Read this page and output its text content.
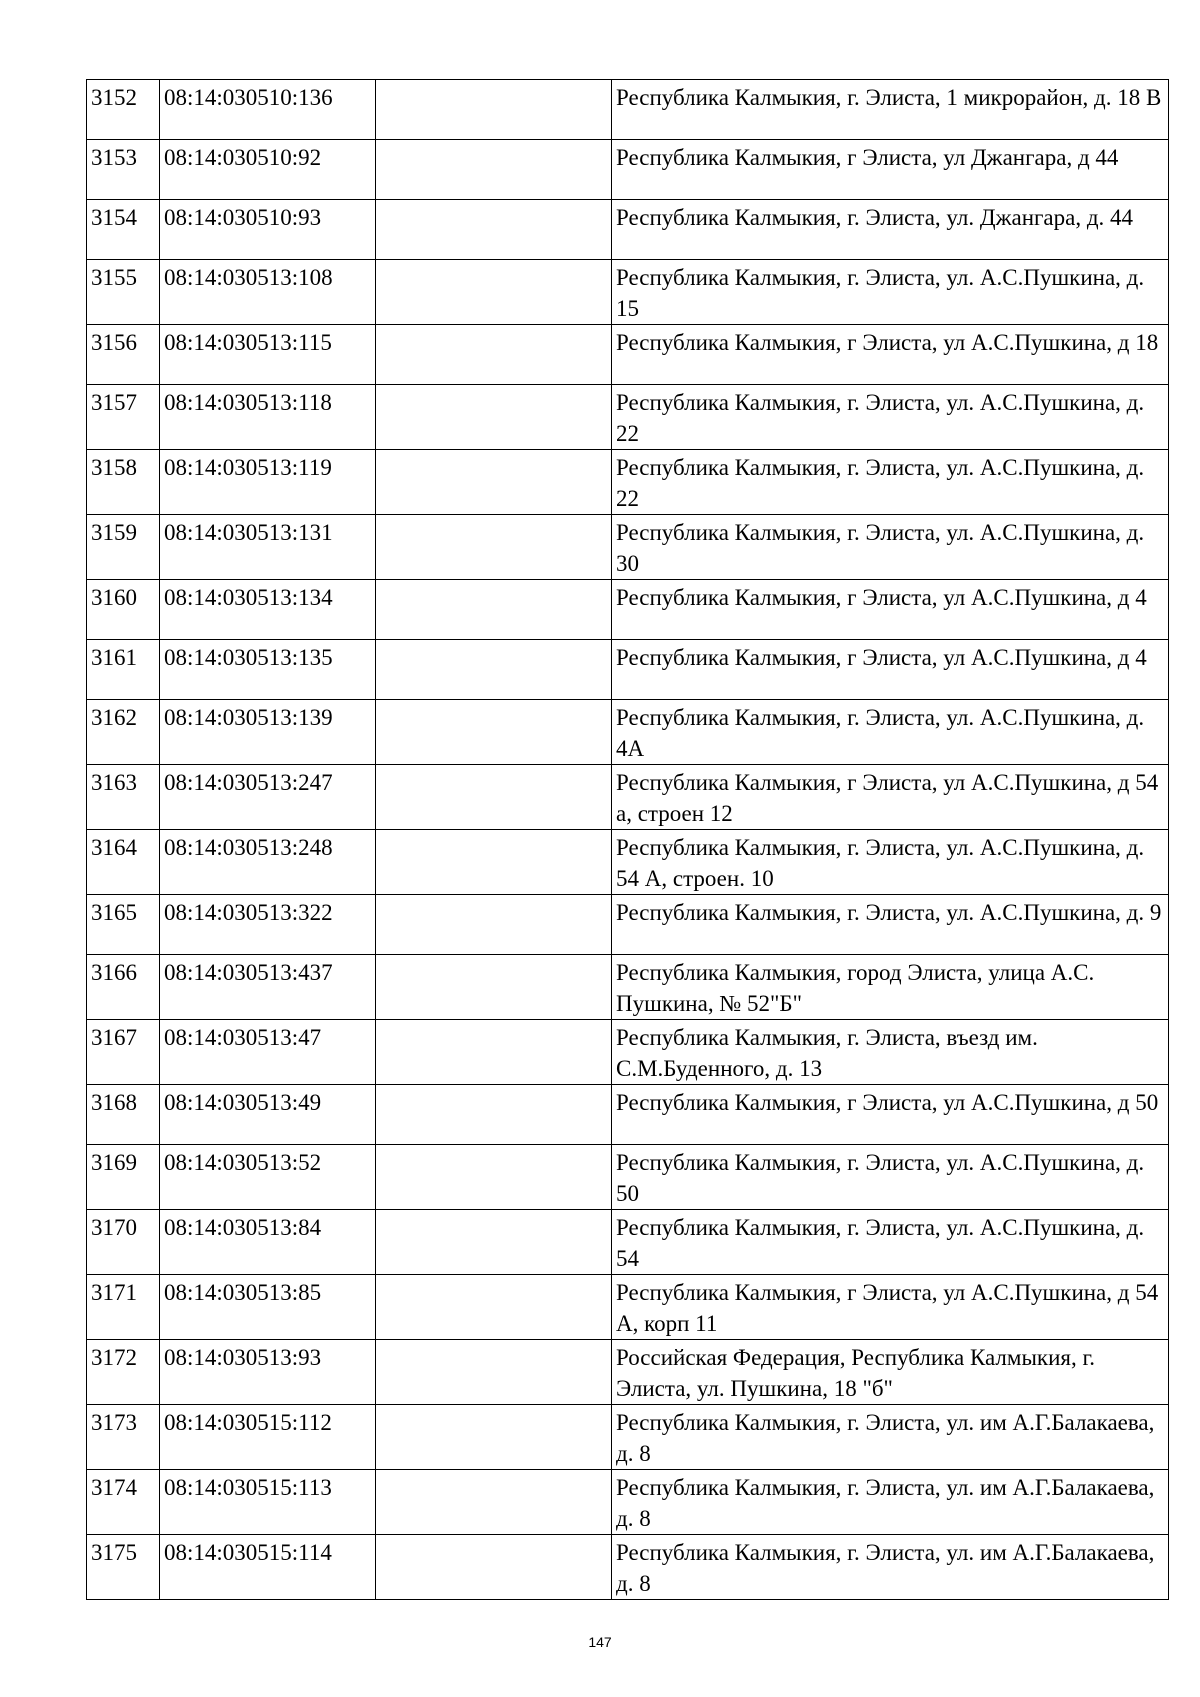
3152	08:14:030510:136		Республика Калмыкия, г. Элиста, 1 микрорайон, д. 18 В
3153	08:14:030510:92		Республика Калмыкия, г Элиста, ул Джангара, д 44
3154	08:14:030510:93		Республика Калмыкия, г. Элиста, ул. Джангара, д. 44
3155	08:14:030513:108		Республика Калмыкия, г. Элиста, ул. А.С.Пушкина, д. 15
3156	08:14:030513:115		Республика Калмыкия, г Элиста, ул А.С.Пушкина, д 18
3157	08:14:030513:118		Республика Калмыкия, г. Элиста, ул. А.С.Пушкина, д. 22
3158	08:14:030513:119		Республика Калмыкия, г. Элиста, ул. А.С.Пушкина, д. 22
3159	08:14:030513:131		Республика Калмыкия, г. Элиста, ул. А.С.Пушкина, д. 30
3160	08:14:030513:134		Республика Калмыкия, г Элиста, ул А.С.Пушкина, д 4
3161	08:14:030513:135		Республика Калмыкия, г Элиста, ул А.С.Пушкина, д 4
3162	08:14:030513:139		Республика Калмыкия, г. Элиста, ул. А.С.Пушкина, д. 4А
3163	08:14:030513:247		Республика Калмыкия, г Элиста, ул А.С.Пушкина, д 54 а, строен 12
3164	08:14:030513:248		Республика Калмыкия, г. Элиста, ул. А.С.Пушкина, д. 54 А, строен. 10
3165	08:14:030513:322		Республика Калмыкия, г. Элиста, ул. А.С.Пушкина, д. 9
3166	08:14:030513:437		Республика Калмыкия, город Элиста, улица А.С. Пушкина, № 52"Б"
3167	08:14:030513:47		Республика Калмыкия, г. Элиста, въезд им. С.М.Буденного, д. 13
3168	08:14:030513:49		Республика Калмыкия, г Элиста, ул А.С.Пушкина, д 50
3169	08:14:030513:52		Республика Калмыкия, г. Элиста, ул. А.С.Пушкина, д. 50
3170	08:14:030513:84		Республика Калмыкия, г. Элиста, ул. А.С.Пушкина, д. 54
3171	08:14:030513:85		Республика Калмыкия, г Элиста, ул А.С.Пушкина, д 54 А, корп 11
3172	08:14:030513:93		Российская Федерация, Республика Калмыкия, г. Элиста, ул. Пушкина, 18 "б"
3173	08:14:030515:112		Республика Калмыкия, г. Элиста, ул. им А.Г.Балакаева, д. 8
3174	08:14:030515:113		Республика Калмыкия, г. Элиста, ул. им А.Г.Балакаева, д. 8
3175	08:14:030515:114		Республика Калмыкия, г. Элиста, ул. им А.Г.Балакаева, д. 8
147
